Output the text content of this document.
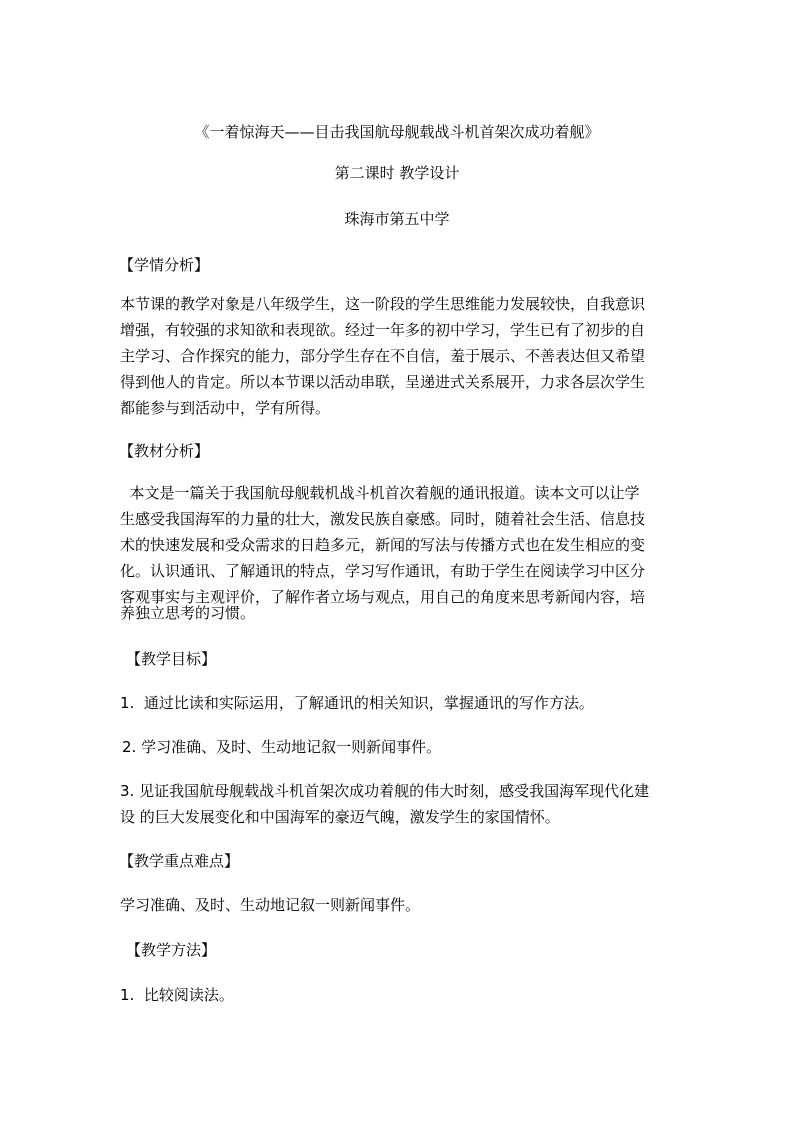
《一着惊海天——目击我国航母舰载战斗机首架次成功着舰》

第二课时 教学设计

珠海市第五中学

【学情分析】

本节课的教学对象是八年级学生，这一阶段的学生思维能力发展较快，自我意识

增强，有较强的求知欲和表现欲。经过一年多的初中学习，学生已有了初步的自

主学习、合作探究的能力，部分学生存在不自信，羞于展示、不善表达但又希望

得到他人的肯定。所以本节课以活动串联，呈递进式关系展开，力求各层次学生

都能参与到活动中，学有所得。

【教材分析】

本文是一篇关于我国航母舰载机战斗机首次着舰的通讯报道。读本文可以让学

生感受我国海军的力量的壮大，激发民族自豪感。同时，随着社会生活、信息技

术的快速发展和受众需求的日趋多元，新闻的写法与传播方式也在发生相应的变

化。认识通讯、了解通讯的特点，学习写作通讯，有助于学生在阅读学习中区分

客观事实与主观评价，了解作者立场与观点，用自己的角度来思考新闻内容，培

养独立思考的习惯。

【教学目标】

1.  通过比读和实际运用，了解通讯的相关知识，掌握通讯的写作方法。

2. 学习准确、及时、生动地记叙一则新闻事件。

3. 见证我国航母舰载战斗机首架次成功着舰的伟大时刻，感受我国海军现代化建

设 的巨大发展变化和中国海军的豪迈气魄，激发学生的家国情怀。

【教学重点难点】

学习准确、及时、生动地记叙一则新闻事件。

【教学方法】

1.  比较阅读法。
